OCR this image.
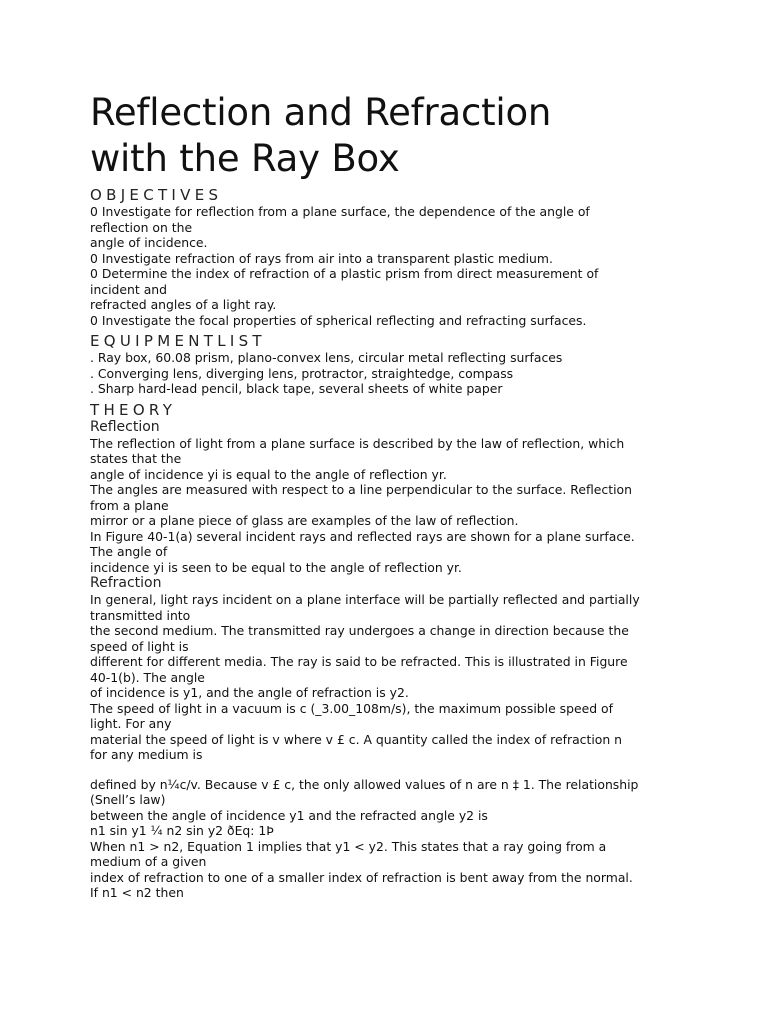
Reflection and Refraction
with the Ray Box
OBJECTIVES

0 Investigate for reflection from a plane surface, the dependence of the angle of

reflection on the

angle of incidence.

0 Investigate refraction of rays from air into a transparent plastic medium.

0 Determine the index of refraction of a plastic prism from direct measurement of

incident and

refracted angles of a light ray.

0 Investigate the focal properties of spherical reflecting and refracting surfaces.

EQUIPMENTLIST

. Ray box, 60.08 prism, plano-convex lens, circular metal reflecting surfaces

. Converging lens, diverging lens, protractor, straightedge, compass

. Sharp hard-lead pencil, black tape, several sheets of white paper

THEORY
Reflection

The reflection of light from a plane surface is described by the law of reflection, which

states that the

angle of incidence yi is equal to the angle of reflection yr.

The angles are measured with respect to a line perpendicular to the surface. Reflection

from a plane

mirror or a plane piece of glass are examples of the law of reflection.

In Figure 40-1(a) several incident rays and reflected rays are shown for a plane surface.

The angle of

incidence yi is seen to be equal to the angle of reflection yr.

Refraction

In general, light rays incident on a plane interface will be partially reflected and partially

transmitted into

the second medium. The transmitted ray undergoes a change in direction because the

speed of light is

different for different media. The ray is said to be refracted. This is illustrated in Figure

40-1(b). The angle

of incidence is y1, and the angle of refraction is y2.

The speed of light in a vacuum is c (_3.00_108m/s), the maximum possible speed of

light. For any

material the speed of light is v where v £ c. A quantity called the index of refraction n

for any medium is

defined by n¼c/v. Because v £ c, the only allowed values of n are n ‡ 1. The relationship

(Snell’s law)

between the angle of incidence y1 and the refracted angle y2 is

n1 sin y1 ¼ n2 sin y2 ðEq: 1Þ

When n1 > n2, Equation 1 implies that y1 < y2. This states that a ray going from a

medium of a given

index of refraction to one of a smaller index of refraction is bent away from the normal.

If n1 < n2 then
